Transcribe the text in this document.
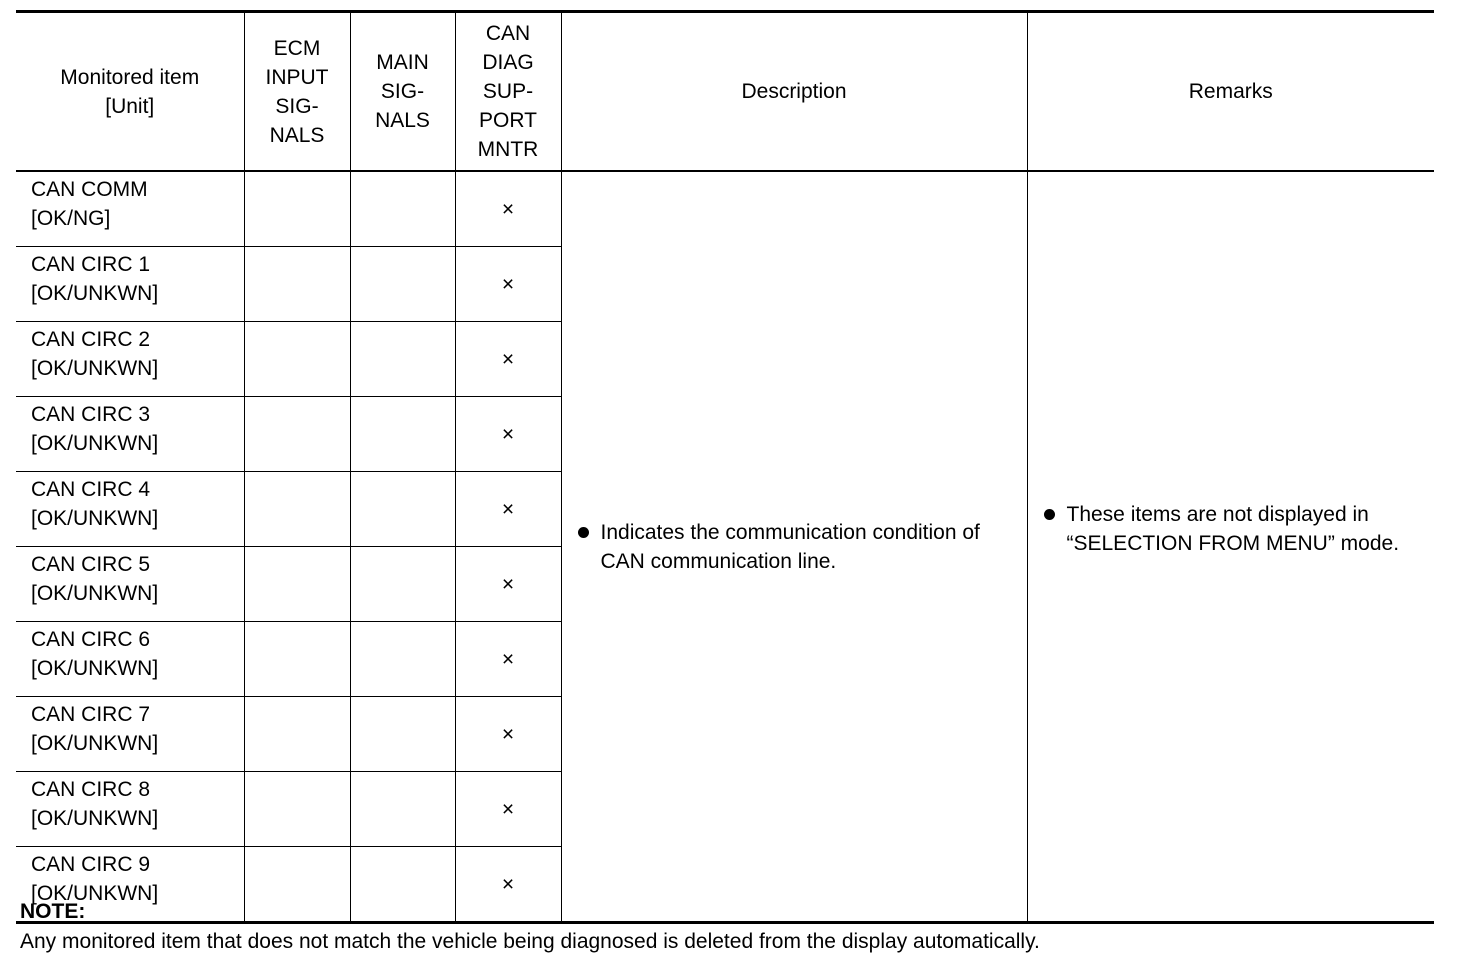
Monitored item
[Unit]	ECM
INPUT
SIG-
NALS	MAIN
SIG-
NALS	CAN
DIAG
SUP-
PORT
MNTR	Description	Remarks

CAN COMM
[OK/NG]			×	Indicates the communication condition of CAN communication line.	These items are not displayed in “SELECTION FROM MENU” mode.

CAN CIRC 1
[OK/UNKWN]			×		

CAN CIRC 2
[OK/UNKWN]			×		

CAN CIRC 3
[OK/UNKWN]			×		

CAN CIRC 4
[OK/UNKWN]			×		

CAN CIRC 5
[OK/UNKWN]			×		

CAN CIRC 6
[OK/UNKWN]			×		

CAN CIRC 7
[OK/UNKWN]			×		

CAN CIRC 8
[OK/UNKWN]			×		

CAN CIRC 9
[OK/UNKWN]			×		
NOTE:
Any monitored item that does not match the vehicle being diagnosed is deleted from the display automatically.
